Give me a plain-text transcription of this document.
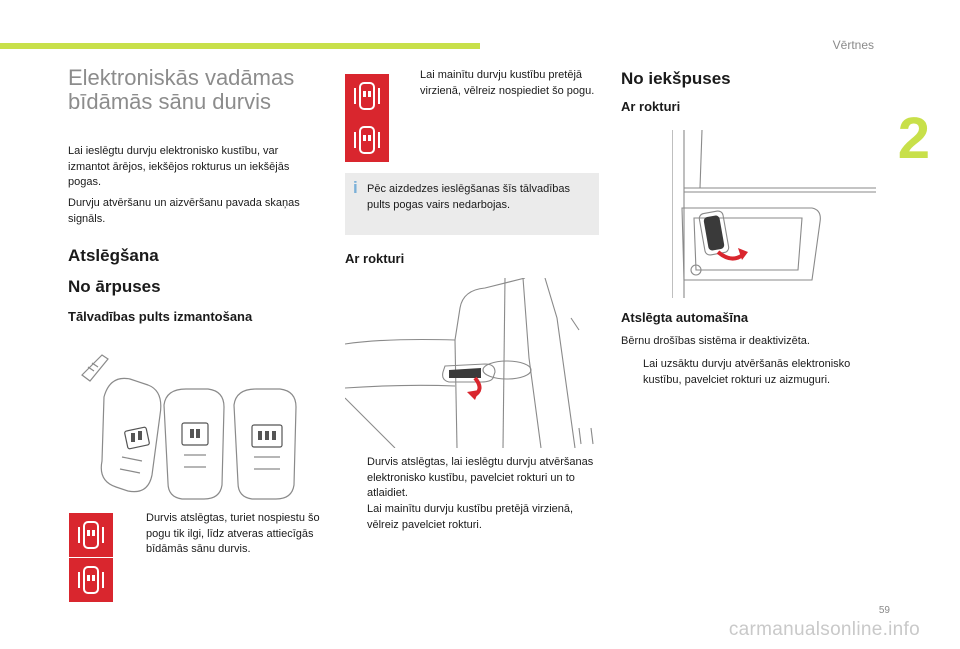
Vērtnes
2
Elektroniskās vadāmas bīdāmās sānu durvis

Lai ieslēgtu durvju elektronisko kustību, var izmantot ārējos, iekšējos rokturus un iekšējās pogas.

Durvju atvēršanu un aizvēršanu pavada skaņas signāls.

Atslēgšana
No ārpuses
Tālvadības pults izmantošana
Durvis atslēgtas, turiet nospiestu šo pogu tik ilgi, līdz atveras attiecīgās bīdāmās sānu durvis.
Lai mainītu durvju kustību pretējā virzienā, vēlreiz nospiediet šo pogu.
i Pēc aizdedzes ieslēgšanas šīs tālvadības pults pogas vairs nedarbojas.

Ar rokturi
Durvis atslēgtas, lai ieslēgtu durvju atvēršanas elektronisko kustību, pavelciet rokturi un to atlaidiet.
Lai mainītu durvju kustību pretējā virzienā, vēlreiz pavelciet rokturi.
No iekšpuses
Ar rokturi
Atslēgta automašīna

Bērnu drošības sistēma ir deaktivizēta.

Lai uzsāktu durvju atvēršanās elektronisko kustību, pavelciet rokturi uz aizmuguri.
59
carmanualsonline.info
